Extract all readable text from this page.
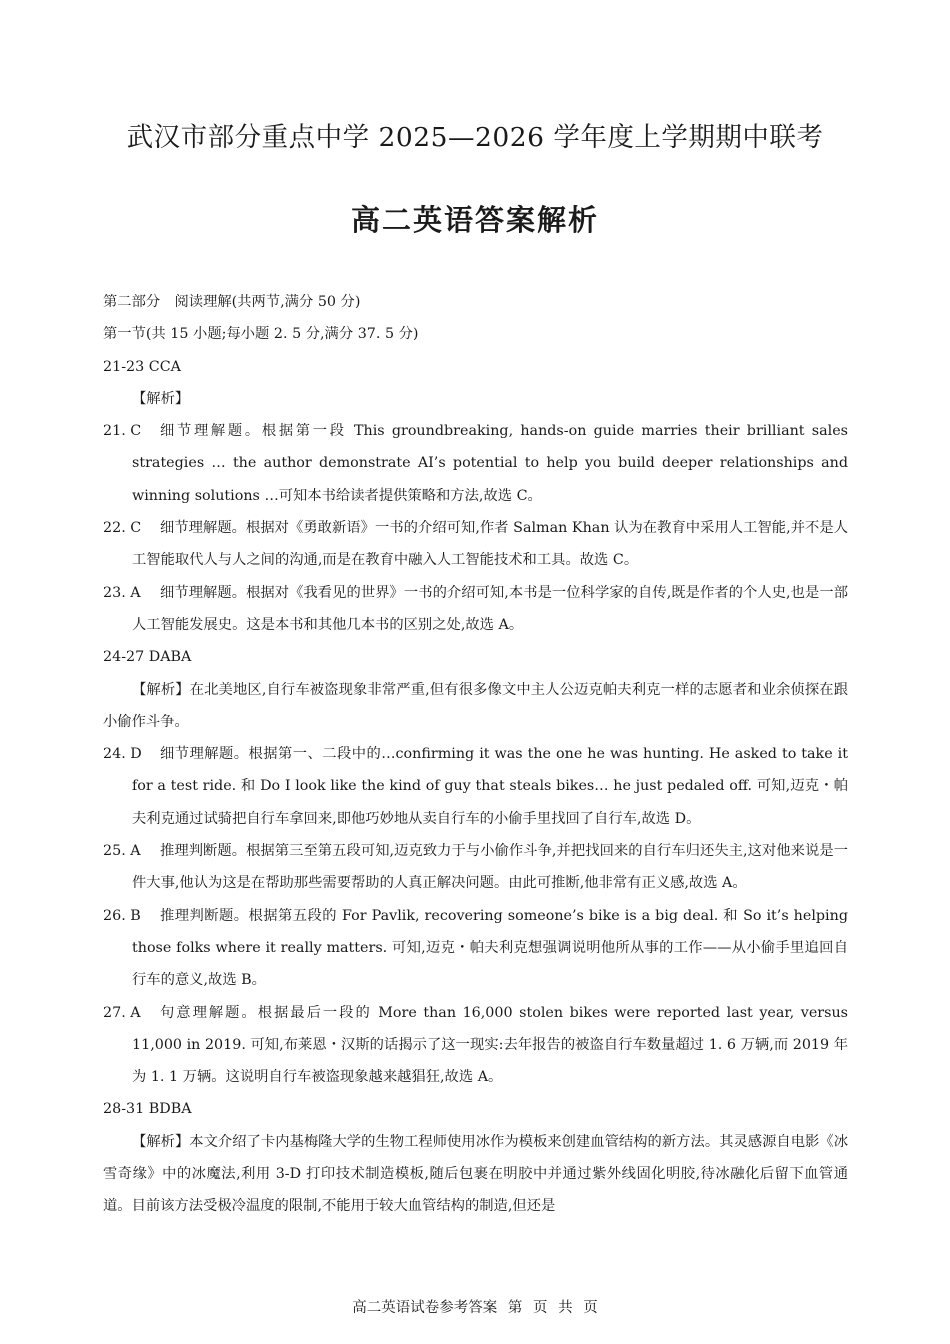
武汉市部分重点中学 2025—2026 学年度上学期期中联考
高二英语答案解析
第二部分　阅读理解(共两节,满分 50 分)
第一节(共 15 小题;每小题 2. 5 分,满分 37. 5 分)
21-23 CCA
【解析】
21. C	细节理解题。根据第一段 This groundbreaking, hands-on guide marries their brilliant sales strategies … the author demonstrate AI’s potential to help you build deeper relationships and winning solutions …可知本书给读者提供策略和方法,故选 C。
22. C	细节理解题。根据对《勇敢新语》一书的介绍可知,作者 Salman Khan 认为在教育中采用人工智能,并不是人工智能取代人与人之间的沟通,而是在教育中融入人工智能技术和工具。故选 C。
23. A	细节理解题。根据对《我看见的世界》一书的介绍可知,本书是一位科学家的自传,既是作者的个人史,也是一部人工智能发展史。这是本书和其他几本书的区别之处,故选 A。
24-27 DABA
【解析】在北美地区,自行车被盗现象非常严重,但有很多像文中主人公迈克帕夫利克一样的志愿者和业余侦探在跟小偷作斗争。
24. D	细节理解题。根据第一、二段中的…confirming it was the one he was hunting. He asked to take it for a test ride. 和 Do I look like the kind of guy that steals bikes… he just pedaled off. 可知,迈克・帕夫利克通过试骑把自行车拿回来,即他巧妙地从卖自行车的小偷手里找回了自行车,故选 D。
25. A	推理判断题。根据第三至第五段可知,迈克致力于与小偷作斗争,并把找回来的自行车归还失主,这对他来说是一件大事,他认为这是在帮助那些需要帮助的人真正解决问题。由此可推断,他非常有正义感,故选 A。
26. B	推理判断题。根据第五段的 For Pavlik, recovering someone’s bike is a big deal. 和 So it’s helping those folks where it really matters. 可知,迈克・帕夫利克想强调说明他所从事的工作——从小偷手里追回自行车的意义,故选 B。
27. A	句意理解题。根据最后一段的 More than 16,000 stolen bikes were reported last year, versus 11,000 in 2019. 可知,布莱恩・汉斯的话揭示了这一现实:去年报告的被盗自行车数量超过 1. 6 万辆,而 2019 年为 1. 1 万辆。这说明自行车被盗现象越来越猖狂,故选 A。
28-31 BDBA
【解析】本文介绍了卡内基梅隆大学的生物工程师使用冰作为模板来创建血管结构的新方法。其灵感源自电影《冰雪奇缘》中的冰魔法,利用 3-D 打印技术制造模板,随后包裹在明胶中并通过紫外线固化明胶,待冰融化后留下血管通道。目前该方法受极冷温度的限制,不能用于较大血管结构的制造,但还是
高二英语试卷参考答案 第 页 共 页
